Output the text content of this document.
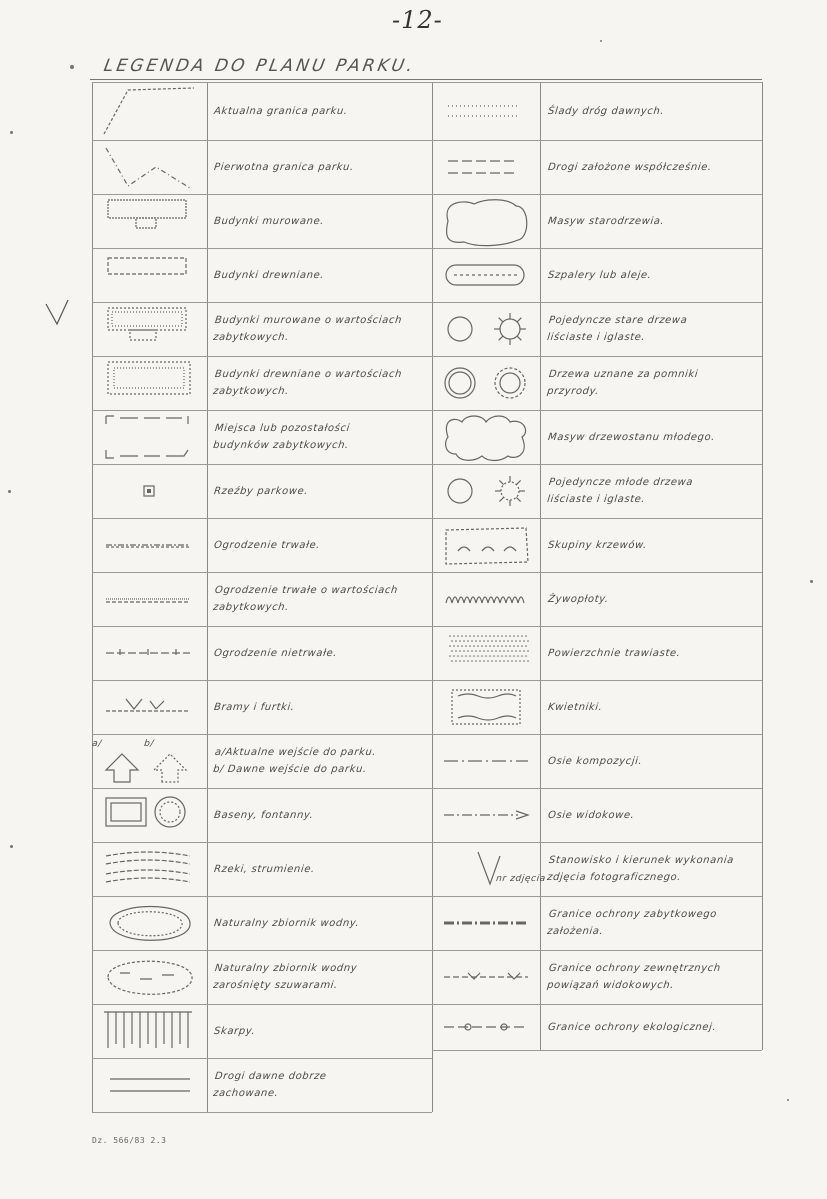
-12-
LEGENDA DO PLANU PARKU.
Dz. 566/83 2.3
Aktualna granica parku.
Pierwotna granica parku.
Budynki murowane.
Budynki drewniane.
Budynki murowane o wartościach
zabytkowych.
Budynki drewniane o wartościach
zabytkowych.
Miejsca lub pozostałości
budynków zabytkowych.
Rzeźby parkowe.
Ogrodzenie trwałe.
Ogrodzenie trwałe o wartościach
zabytkowych.
Ogrodzenie nietrwałe.
Bramy i furtki.
a/Aktualne wejście do parku.
b/ Dawne wejście do parku.
a/	b/
Baseny, fontanny.
Rzeki, strumienie.
Naturalny zbiornik wodny.
Naturalny zbiornik wodny
zarośnięty szuwarami.
Skarpy.
Drogi dawne dobrze
zachowane.
Ślady dróg dawnych.
Drogi założone współcześnie.
Masyw starodrzewia.
Szpalery lub aleje.
Pojedyncze stare drzewa
liściaste i iglaste.
Drzewa uznane za pomniki
przyrody.
Masyw drzewostanu młodego.
Pojedyncze młode drzewa
liściaste i iglaste.
Skupiny krzewów.
Żywopłoty.
Powierzchnie trawiaste.
Kwietniki.
Osie kompozycji.
Osie widokowe.
Stanowisko i kierunek wykonania
zdjęcia fotograficznego.
nr zdjęcia
Granice ochrony zabytkowego
założenia.
Granice ochrony zewnętrznych
powiązań widokowych.
Granice ochrony ekologicznej.
